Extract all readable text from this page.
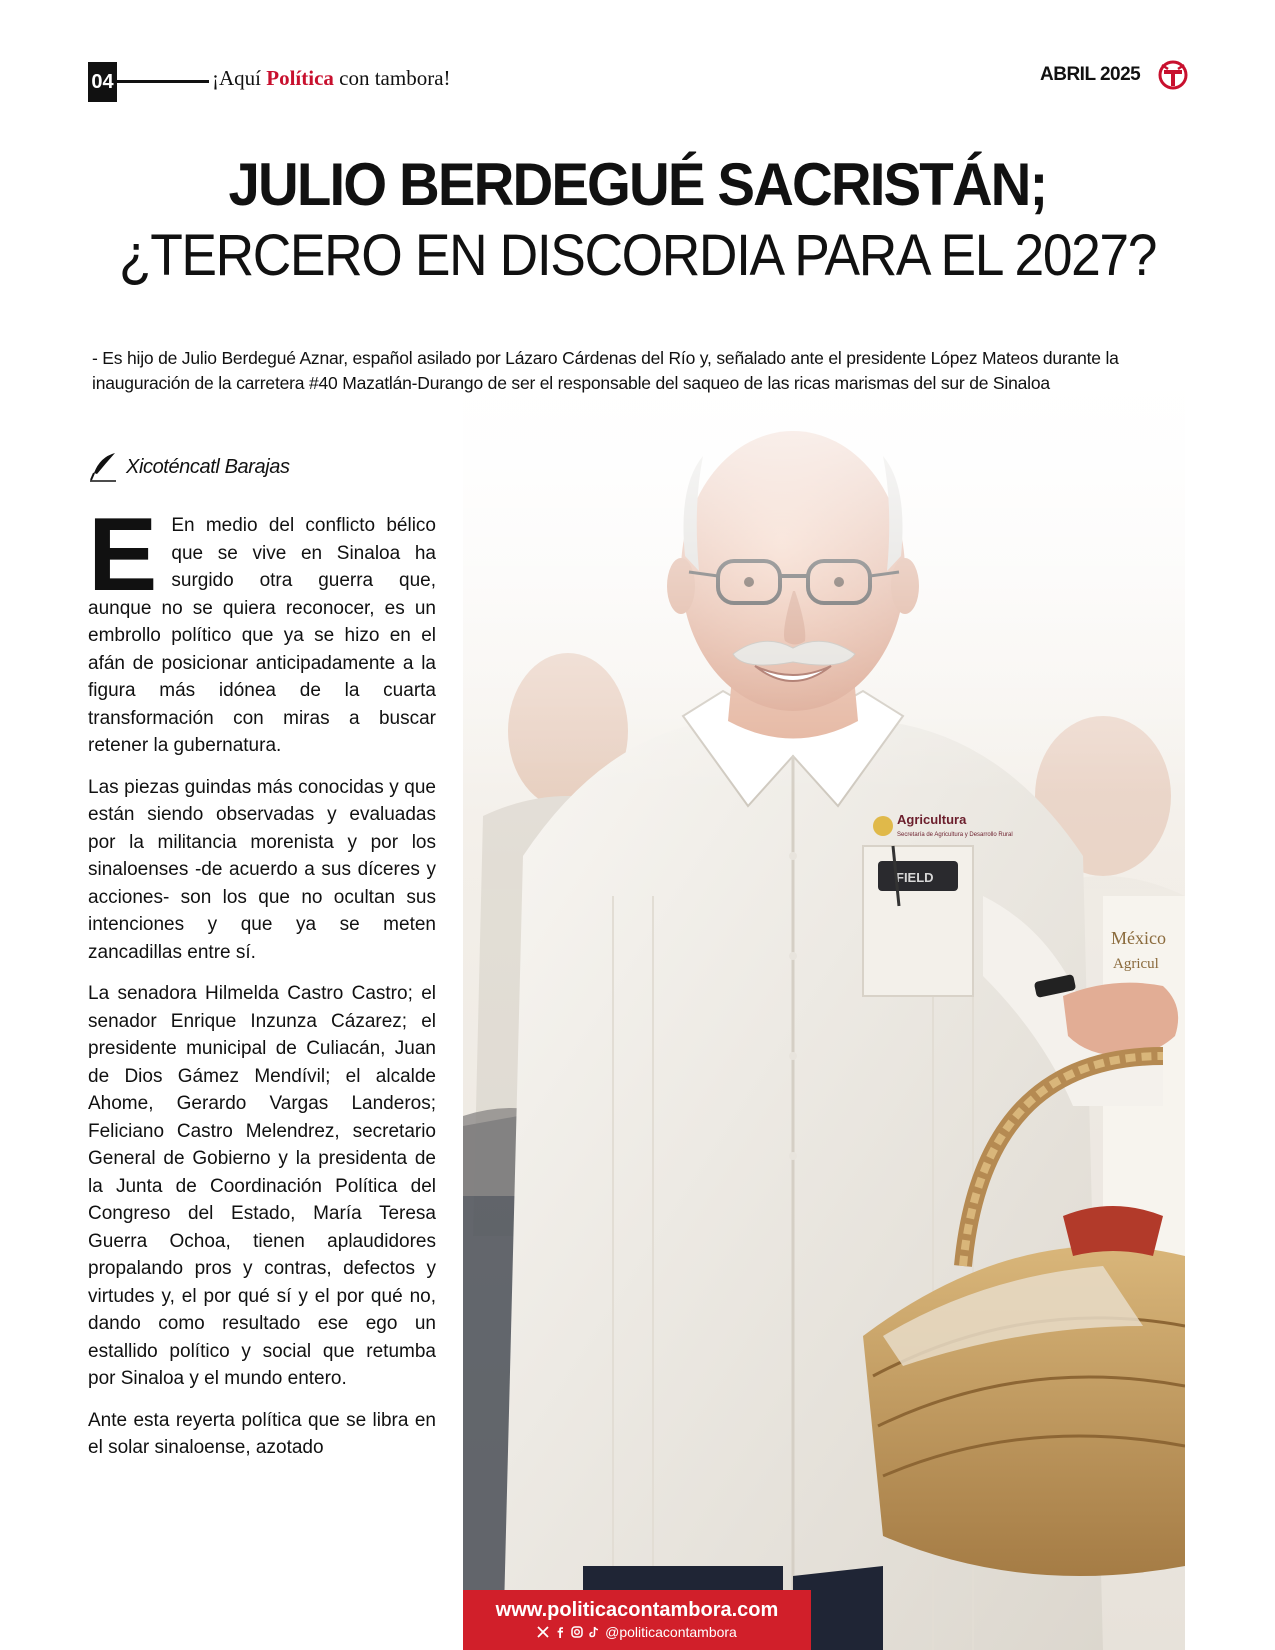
04	¡Aquí Política con tambora!	ABRIL 2025
JULIO BERDEGUÉ SACRISTÁN;
¿TERCERO EN DISCORDIA PARA EL 2027?
- Es hijo de Julio Berdegué Aznar, español asilado por Lázaro Cárdenas del Río y, señalado ante el presidente López Mateos durante la inauguración de la carretera #40 Mazatlán-Durango de ser el responsable del saqueo de las ricas marismas del sur de Sinaloa
Xicoténcatl Barajas

E En medio del conflicto bélico que se vive en Sinaloa ha surgido otra guerra que, aunque no se quiera reconocer, es un embrollo político que ya se hizo en el afán de posicionar anticipadamente a la figura más idónea de la cuarta transformación con miras a buscar retener la gubernatura.

Las piezas guindas más conocidas y que están siendo observadas y evaluadas por la militancia morenista y por los sinaloenses -de acuerdo a sus díceres y acciones- son los que no ocultan sus intenciones y que ya se meten zancadillas entre sí.

La senadora Hilmelda Castro Castro; el senador Enrique Inzunza Cázarez; el presidente municipal de Culiacán, Juan de Dios Gámez Mendívil; el alcalde Ahome, Gerardo Vargas Landeros; Feliciano Castro Melendrez, secretario General de Gobierno y la presidenta de la Junta de Coordinación Política del Congreso del Estado, María Teresa Guerra Ochoa, tienen aplaudidores propalando pros y contras, defectos y virtudes y, el por qué sí y el por qué no, dando como resultado ese ego un estallido político y social que retumba por Sinaloa y el mundo entero.

Ante esta reyerta política que se libra en el solar sinaloense, azotado

www.politicacontambora.com
@politicacontambora
